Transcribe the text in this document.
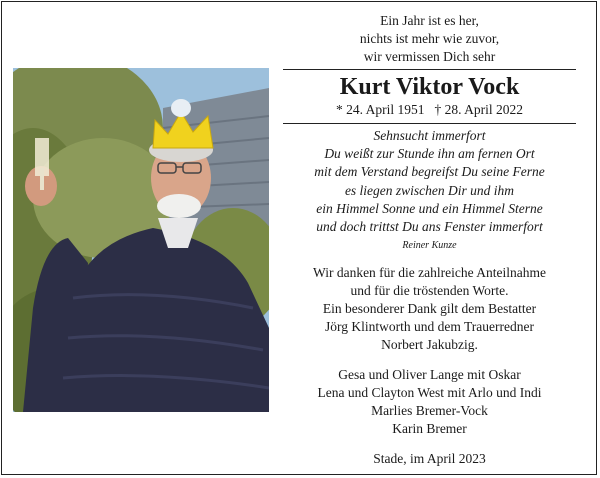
Ein Jahr ist es her,
nichts ist mehr wie zuvor,
wir vermissen Dich sehr
Kurt Viktor Vock
* 24. April 1951 † 28. April 2022
Sehnsucht immerfort
Du weißt zur Stunde ihn am fernen Ort
mit dem Verstand begreifst Du seine Ferne
es liegen zwischen Dir und ihm
ein Himmel Sonne und ein Himmel Sterne
und doch trittst Du ans Fenster immerfort
Reiner Kunze
Wir danken für die zahlreiche Anteilnahme
und für die tröstenden Worte.
Ein besonderer Dank gilt dem Bestatter
Jörg Klintworth und dem Trauerredner
Norbert Jakubzig.
Gesa und Oliver Lange mit Oskar
Lena und Clayton West mit Arlo und Indi
Marlies Bremer-Vock
Karin Bremer
Stade, im April 2023
